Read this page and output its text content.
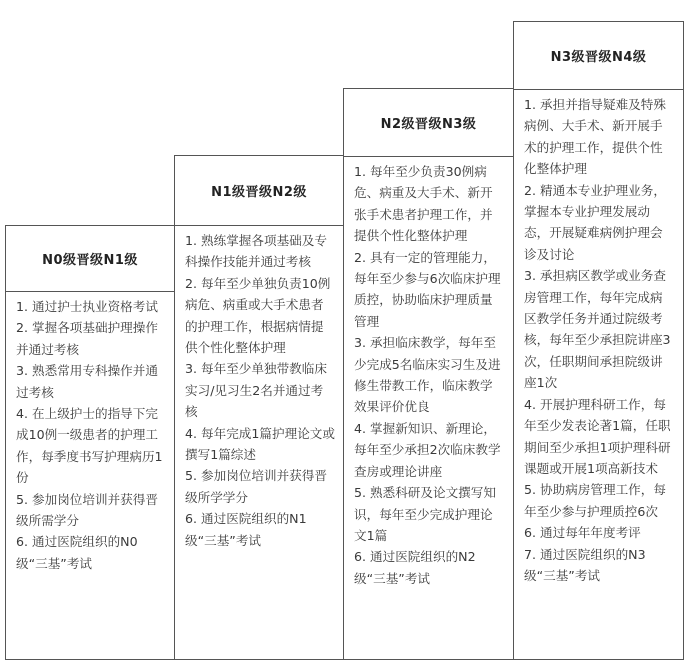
N0级晋级N1级

1. 通过护士执业资格考试

2. 掌握各项基础护理操作并通过考核

3. 熟悉常用专科操作并通过考核

4. 在上级护士的指导下完成10例一级患者的护理工作，每季度书写护理病历1份

5. 参加岗位培训并获得晋级所需学分

6. 通过医院组织的N0级“三基”考试

N1级晋级N2级

1. 熟练掌握各项基础及专科操作技能并通过考核

2. 每年至少单独负责10例病危、病重或大手术患者的护理工作，根据病情提供个性化整体护理

3. 每年至少单独带教临床实习/见习生2名并通过考核

4. 每年完成1篇护理论文或撰写1篇综述

5. 参加岗位培训并获得晋级所学学分

6. 通过医院组织的N1级“三基”考试

N2级晋级N3级

1. 每年至少负责30例病危、病重及大手术、新开张手术患者护理工作，并提供个性化整体护理

2. 具有一定的管理能力，每年至少参与6次临床护理质控，协助临床护理质量管理

3. 承担临床教学，每年至少完成5名临床实习生及进修生带教工作，临床教学效果评价优良

4. 掌握新知识、新理论，每年至少承担2次临床教学查房或理论讲座

5. 熟悉科研及论文撰写知识，每年至少完成护理论文1篇

6. 通过医院组织的N2级“三基”考试

N3级晋级N4级

1. 承担并指导疑难及特殊病例、大手术、新开展手术的护理工作，提供个性化整体护理

2. 精通本专业护理业务，掌握本专业护理发展动态，开展疑难病例护理会诊及讨论

3. 承担病区教学或业务查房管理工作，每年完成病区教学任务并通过院级考核，每年至少承担院讲座3次，任职期间承担院级讲座1次

4. 开展护理科研工作，每年至少发表论著1篇，任职期间至少承担1项护理科研课题或开展1项高新技术

5. 协助病房管理工作，每年至少参与护理质控6次

6. 通过每年年度考评

7. 通过医院组织的N3级“三基”考试
